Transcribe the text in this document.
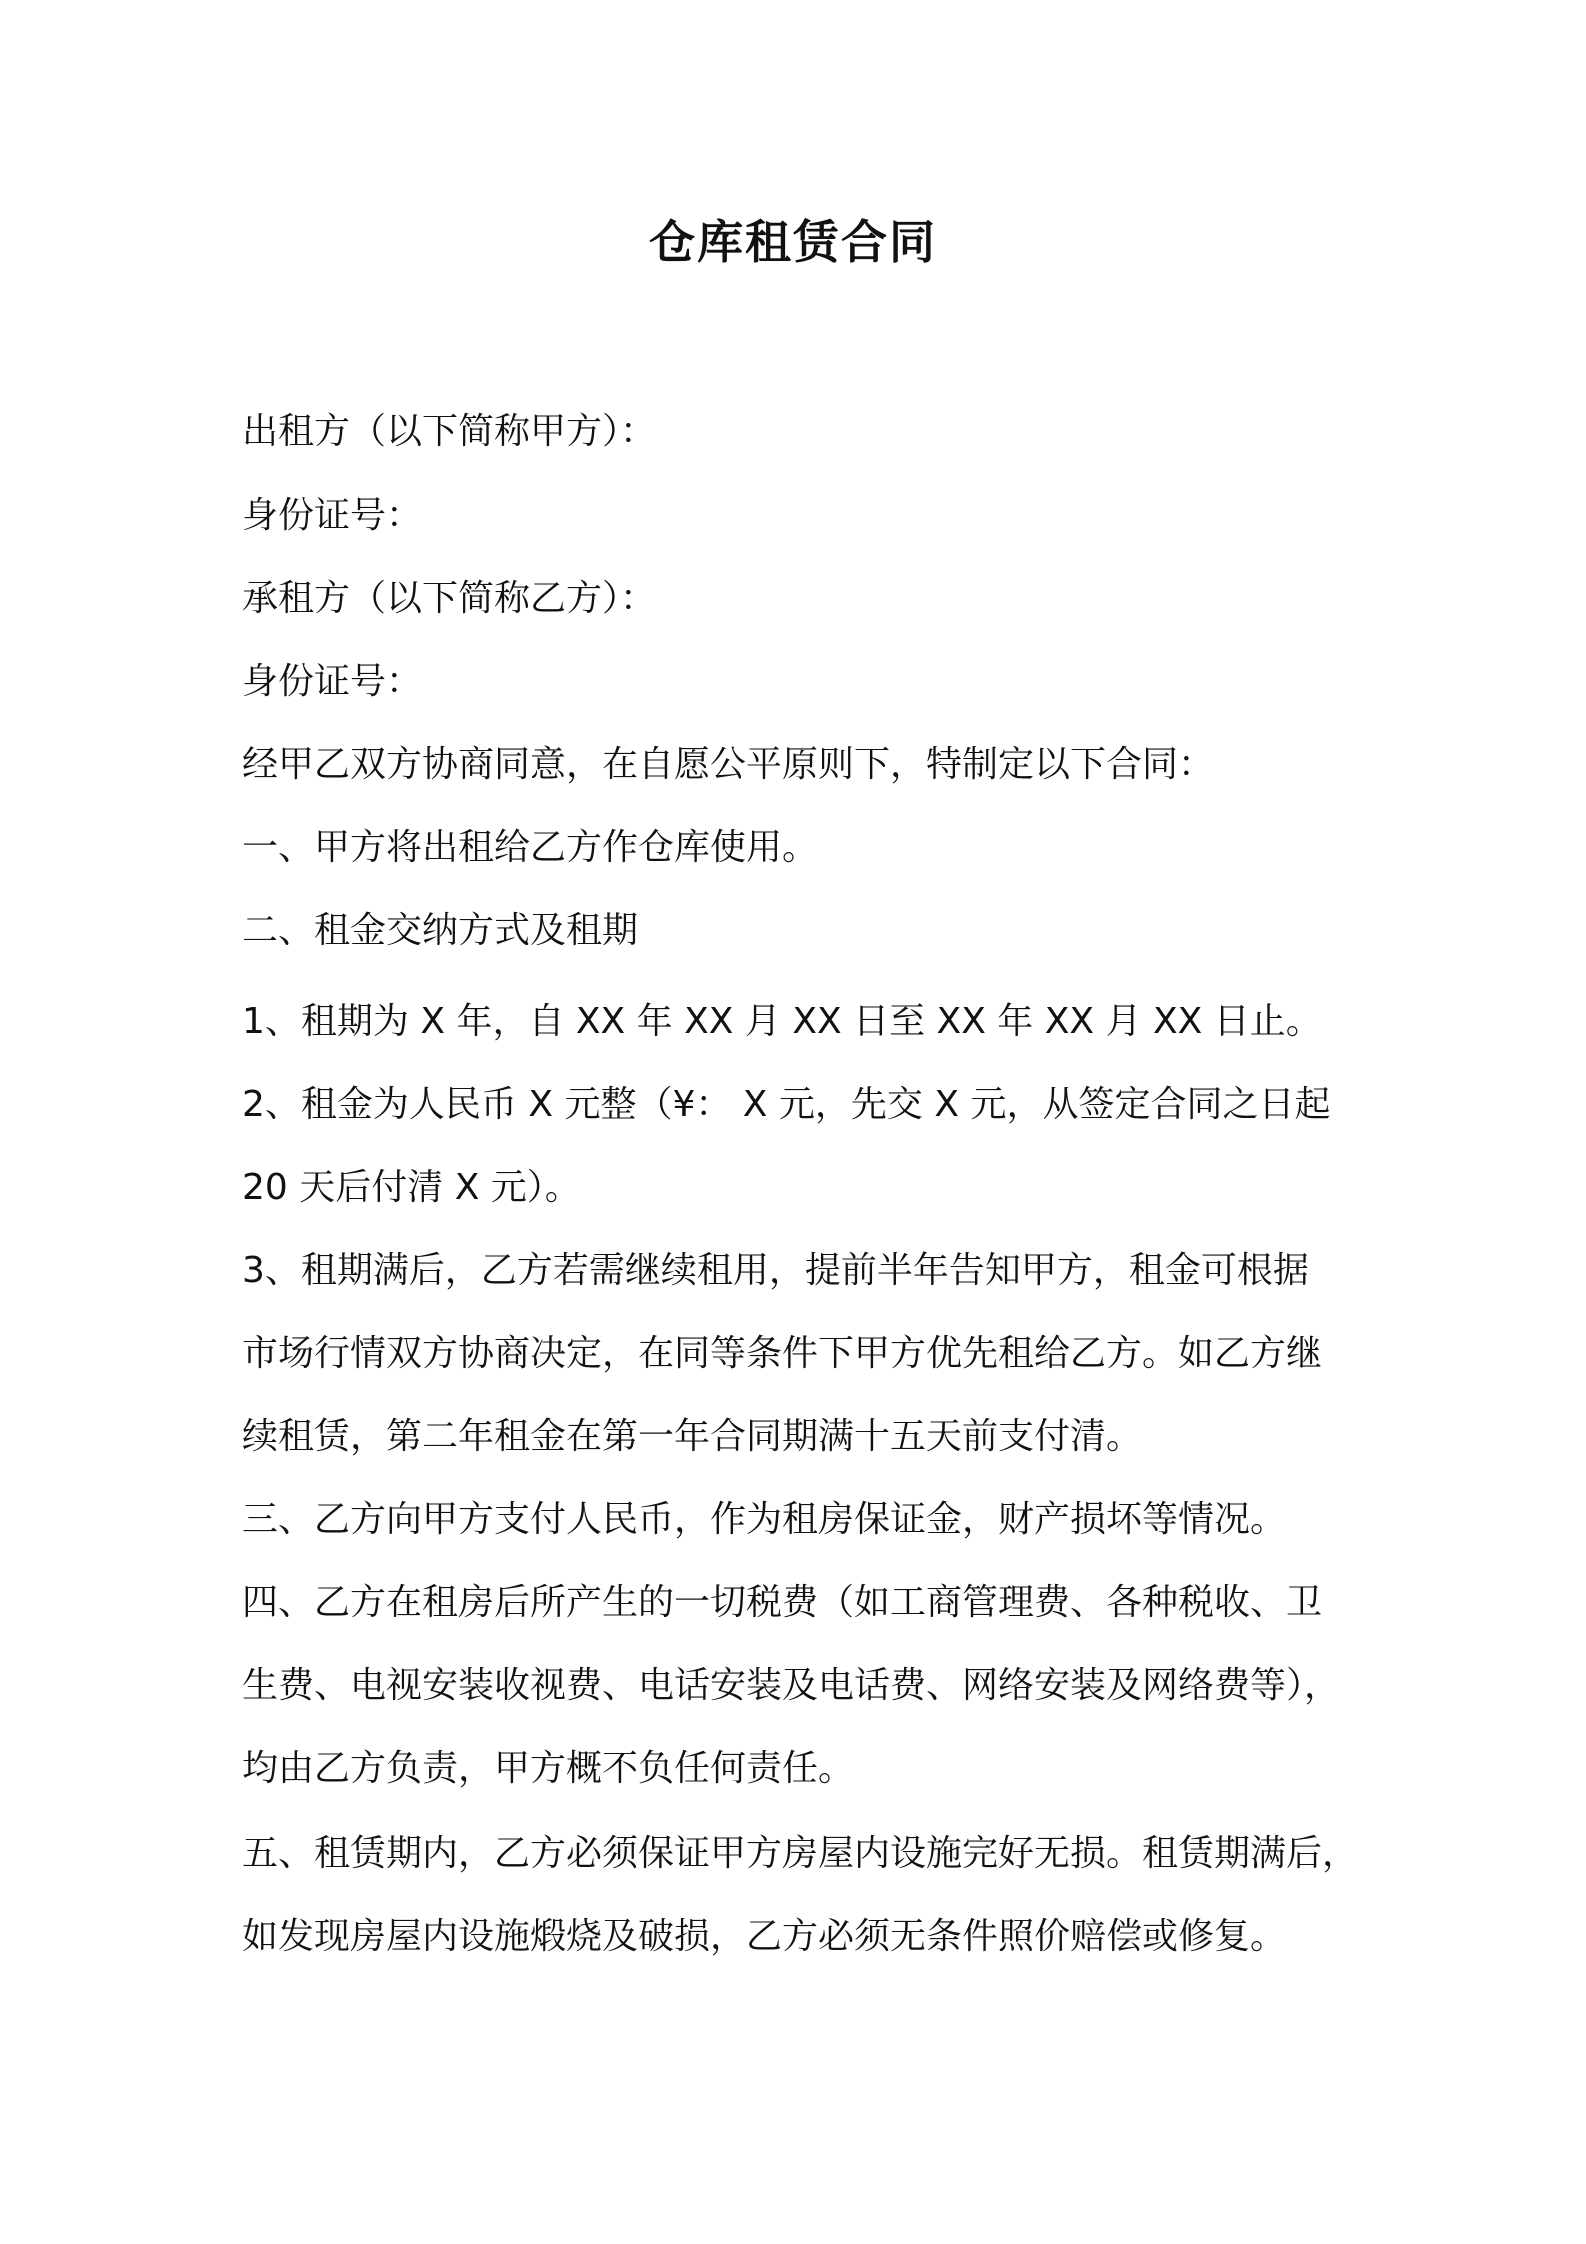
仓库租赁合同
出租方（以下简称甲方）：
身份证号：
承租方（以下简称乙方）：
身份证号：
经甲乙双方协商同意，在自愿公平原则下，特制定以下合同：
一、甲方将出租给乙方作仓库使用。
二、租金交纳方式及租期
1、租期为 X 年，自 XX 年 XX 月 XX 日至 XX 年 XX 月 XX 日止。
2、租金为人民币 X 元整（¥： X 元，先交 X 元，从签定合同之日起
20 天后付清 X 元）。
3、租期满后，乙方若需继续租用，提前半年告知甲方，租金可根据
市场行情双方协商决定，在同等条件下甲方优先租给乙方。如乙方继
续租赁，第二年租金在第一年合同期满十五天前支付清。
三、乙方向甲方支付人民币，作为租房保证金，财产损坏等情况。
四、乙方在租房后所产生的一切税费（如工商管理费、各种税收、卫
生费、电视安装收视费、电话安装及电话费、网络安装及网络费等），
均由乙方负责，甲方概不负任何责任。
五、租赁期内，乙方必须保证甲方房屋内设施完好无损。租赁期满后，
如发现房屋内设施煅烧及破损，乙方必须无条件照价赔偿或修复。
